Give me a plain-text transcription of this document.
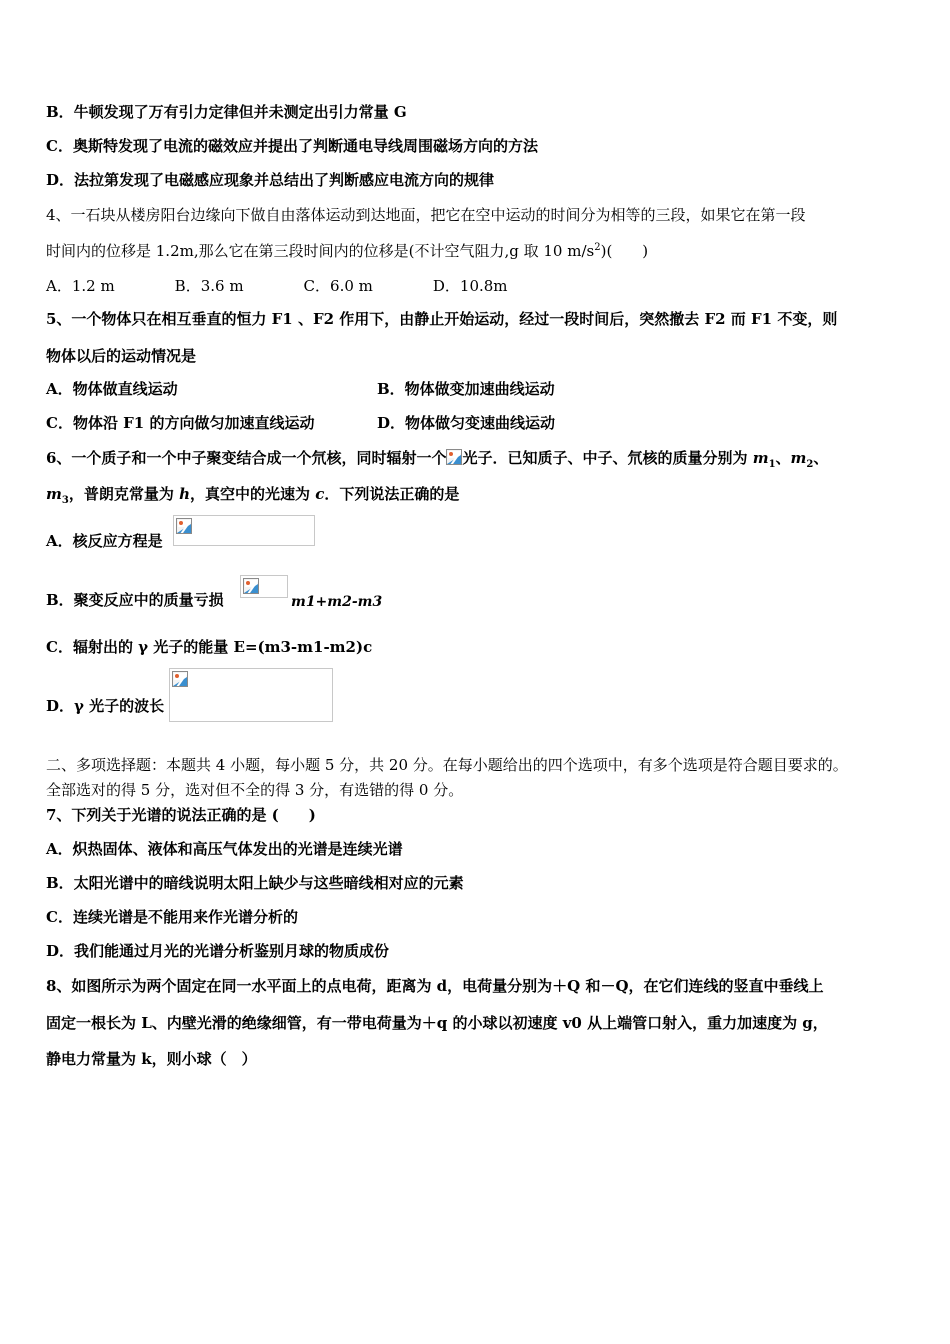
B．牛顿发现了万有引力定律但并未测定出引力常量 G
C．奥斯特发现了电流的磁效应并提出了判断通电导线周围磁场方向的方法
D．法拉第发现了电磁感应现象并总结出了判断感应电流方向的规律
4、一石块从楼房阳台边缘向下做自由落体运动到达地面，把它在空中运动的时间分为相等的三段，如果它在第一段
时间内的位移是 1.2m,那么它在第三段时间内的位移是(不计空气阻力,g 取 10 $m/s^2$)(　　)
A．1.2 m　　　　B．3.6 m　　　　C．6.0 m　　　　D．10.8m
5、一个物体只在相互垂直的恒力 F1 、F2 作用下，由静止开始运动，经过一段时间后，突然撤去 F2 而 F1 不变，则
物体以后的运动情况是
A．物体做直线运动	B．物体做变加速曲线运动
C．物体沿 F1 的方向做匀加速直线运动	D．物体做匀变速曲线运动
6、一个质子和一个中子聚变结合成一个氘核，同时辐射一个 光子．已知质子、中子、氘核的质量分别为 $m_1$、$m_2$、
$m_3$，普朗克常量为 h，真空中的光速为 c．下列说法正确的是
A．核反应方程是
B．聚变反应中的质量亏损	m1+m2-m3
C．辐射出的 γ 光子的能量 E=(m3-m1-m2)c
D．γ 光子的波长
二、多项选择题：本题共 4 小题，每小题 5 分，共 20 分。在每小题给出的四个选项中，有多个选项是符合题目要求的。
全部选对的得 5 分，选对但不全的得 3 分，有选错的得 0 分。
7、下列关于光谱的说法正确的是 (　　)
A．炽热固体、液体和高压气体发出的光谱是连续光谱
B．太阳光谱中的暗线说明太阳上缺少与这些暗线相对应的元素
C．连续光谱是不能用来作光谱分析的
D．我们能通过月光的光谱分析鉴别月球的物质成份
8、如图所示为两个固定在同一水平面上的点电荷，距离为 d，电荷量分别为＋Q 和－Q，在它们连线的竖直中垂线上
固定一根长为 L、内壁光滑的绝缘细管，有一带电荷量为＋q 的小球以初速度 v0 从上端管口射入，重力加速度为 g，
静电力常量为 k，则小球（　）
